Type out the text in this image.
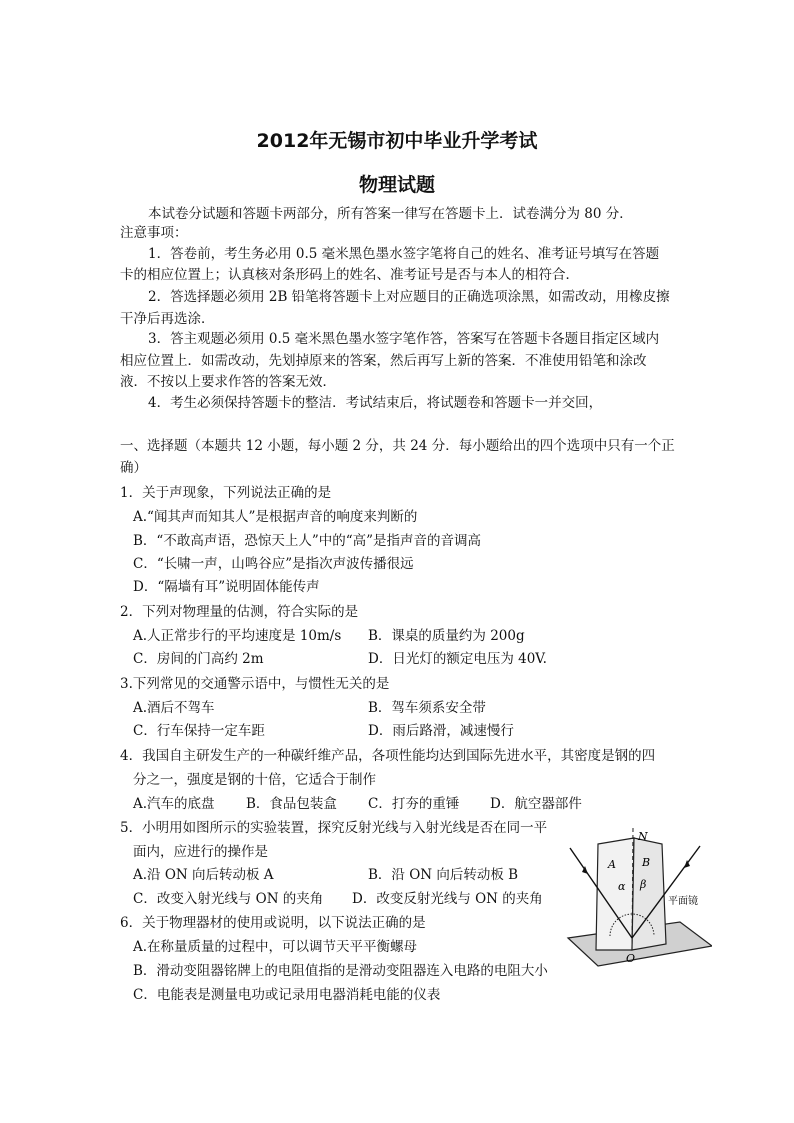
2012年无锡市初中毕业升学考试
物理试题
本试卷分试题和答题卡两部分，所有答案一律写在答题卡上．试卷满分为 80 分．
注意事项：
1．答卷前，考生务必用 0.5 毫米黑色墨水签字笔将自己的姓名、准考证号填写在答题
卡的相应位置上；认真核对条形码上的姓名、准考证号是否与本人的相符合．
2．答选择题必须用 2B 铅笔将答题卡上对应题目的正确选项涂黑，如需改动，用橡皮擦
干净后再选涂．
3．答主观题必须用 0.5 毫米黑色墨水签字笔作答，答案写在答题卡各题目指定区域内
相应位置上．如需改动，先划掉原来的答案，然后再写上新的答案．不准使用铅笔和涂改
液．不按以上要求作答的答案无效．
4．考生必须保持答题卡的整洁．考试结束后，将试题卷和答题卡一并交回，
一、选择题（本题共 12 小题，每小题 2 分，共 24 分．每小题给出的四个选项中只有一个正
确）
1．关于声现象，下列说法正确的是
A.“闻其声而知其人”是根据声音的响度来判断的
B．“不敢高声语，恐惊天上人”中的“高”是指声音的音调高
C．“长啸一声，山鸣谷应”是指次声波传播很远
D．“隔墙有耳”说明固体能传声
2．下列对物理量的估测，符合实际的是
A.人正常步行的平均速度是 10m/s B．课桌的质量约为 200g
C．房间的门高约 2m	D．日光灯的额定电压为 40V.
3.下列常见的交通警示语中，与惯性无关的是
A.酒后不驾车	B．驾车须系安全带
C．行车保持一定车距	D．雨后路滑，减速慢行
4．我国自主研发生产的一种碳纤维产品，各项性能均达到国际先进水平，其密度是钢的四
分之一，强度是钢的十倍，它适合于制作
A.汽车的底盘 B．食品包装盒 C．打夯的重锤 D．航空器部件
5．小明用如图所示的实验装置，探究反射光线与入射光线是否在同一平
面内，应进行的操作是
A.沿 ON 向后转动板 A	B．沿 ON 向后转动板 B
C．改变入射光线与 ON 的夹角 D．改变反射光线与 ON 的夹角
6．关于物理器材的使用或说明，以下说法正确的是
A.在称量质量的过程中，可以调节天平平衡螺母
B．滑动变阻器铭牌上的电阻值指的是滑动变阻器连入电路的电阻大小
C．电能表是测量电功或记录用电器消耗电能的仪表
N
A B
α β
O
平面镜
